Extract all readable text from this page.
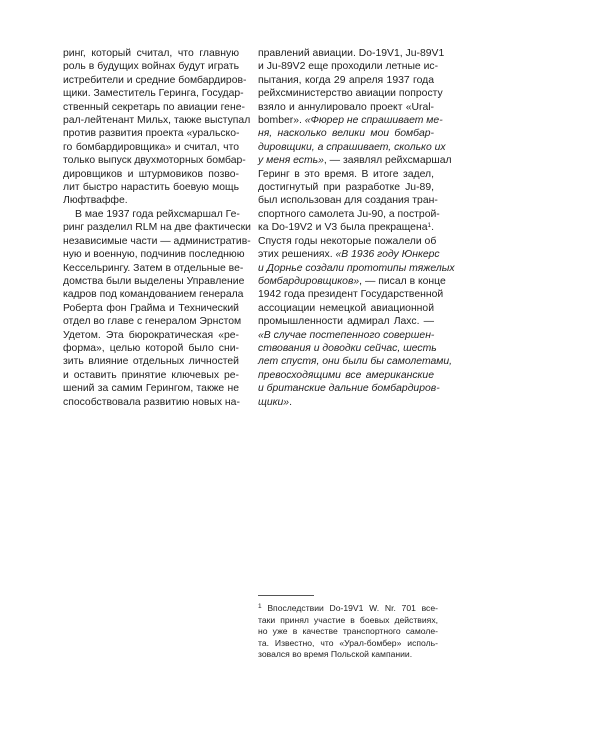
ринг, который считал, что главную
роль в будущих войнах будут играть
истребители и средние бомбардиров-
щики. Заместитель Геринга, Государ-
ственный секретарь по авиации гене-
рал-лейтенант Мильх, также выступал
против развития проекта «уральско-
го бомбардировщика» и считал, что
только выпуск двухмоторных бомбар-
дировщиков и штурмовиков позво-
лит быстро нарастить боевую мощь
Люфтваффе.

В мае 1937 года рейхсмаршал Ге-
ринг разделил RLM на две фактически
независимые части — административ-
ную и военную, подчинив последнюю
Кессельрингу. Затем в отдельные ве-
домства были выделены Управление
кадров под командованием генерала
Роберта фон Грайма и Технический
отдел во главе с генералом Эрнстом
Удетом. Эта бюрократическая «ре-
форма», целью которой было сни-
зить влияние отдельных личностей
и оставить принятие ключевых ре-
шений за самим Герингом, также не
способствовала развитию новых на-

правлений авиации. Do-19V1, Ju-89V1
и Ju-89V2 еще проходили летные ис-
пытания, когда 29 апреля 1937 года
рейхсминистерство авиации попросту
взяло и аннулировало проект «Ural-
bomber». «Фюрер не спрашивает ме-
ня, насколько велики мои бомбар-
дировщики, а спрашивает, сколько их
у меня есть», — заявлял рейхсмаршал
Геринг в это время. В итоге задел,
достигнутый при разработке Ju-89,
был использован для создания тран-
спортного самолета Ju-90, а построй-
ка Do-19V2 и V3 была прекращена$^1$.
Спустя годы некоторые пожалели об
этих решениях. «В 1936 году Юнкерс
и Дорнье создали прототипы тяжелых
бомбардировщиков», — писал в конце
1942 года президент Государственной
ассоциации немецкой авиационной
промышленности адмирал Лахс. —
«В случае постепенного совершен-
ствования и доводки сейчас, шесть
лет спустя, они были бы самолетами,
превосходящими все американские
и британские дальние бомбардиров-
щики».

$^1$ Впоследствии Do-19V1 W. Nr. 701 все-
таки принял участие в боевых действиях,
но уже в качестве транспортного самоле-
та. Известно, что «Урал-бомбер» исполь-
зовался во время Польской кампании.
